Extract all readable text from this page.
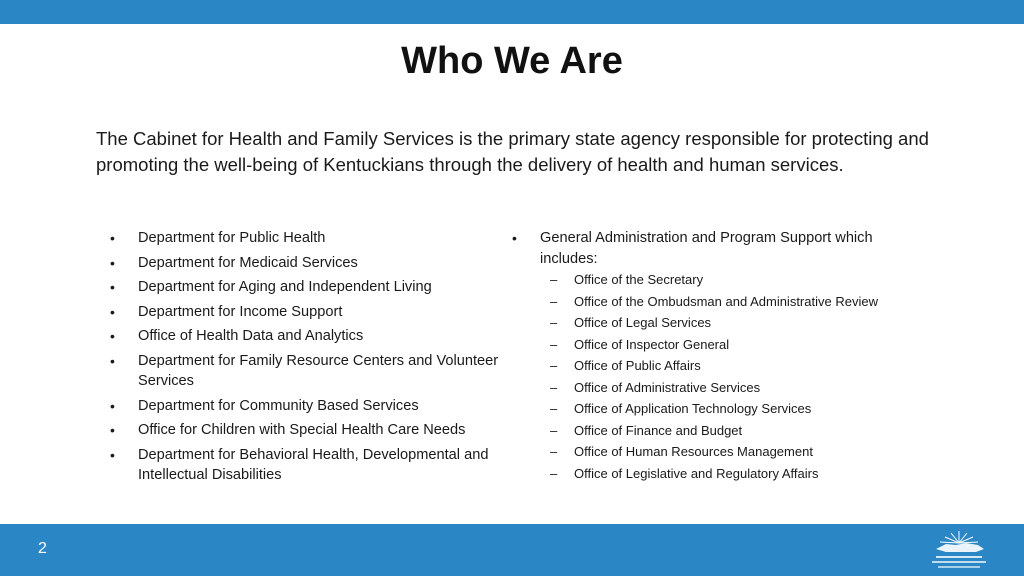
Who We Are

The Cabinet for Health and Family Services is the primary state agency responsible for protecting and promoting the well-being of Kentuckians through the delivery of health and human services.

• Department for Public Health
• Department for Medicaid Services
• Department for Aging and Independent Living
• Department for Income Support
• Office of Health Data and Analytics
• Department for Family Resource Centers and Volunteer Services
• Department for Community Based Services
• Office for Children with Special Health Care Needs
• Department for Behavioral Health, Developmental and Intellectual Disabilities
• General Administration and Program Support which includes:
– Office of the Secretary
– Office of the Ombudsman and Administrative Review
– Office of Legal Services
– Office of Inspector General
– Office of Public Affairs
– Office of Administrative Services
– Office of Application Technology Services
– Office of Finance and Budget
– Office of Human Resources Management
– Office of Legislative and Regulatory Affairs
2
